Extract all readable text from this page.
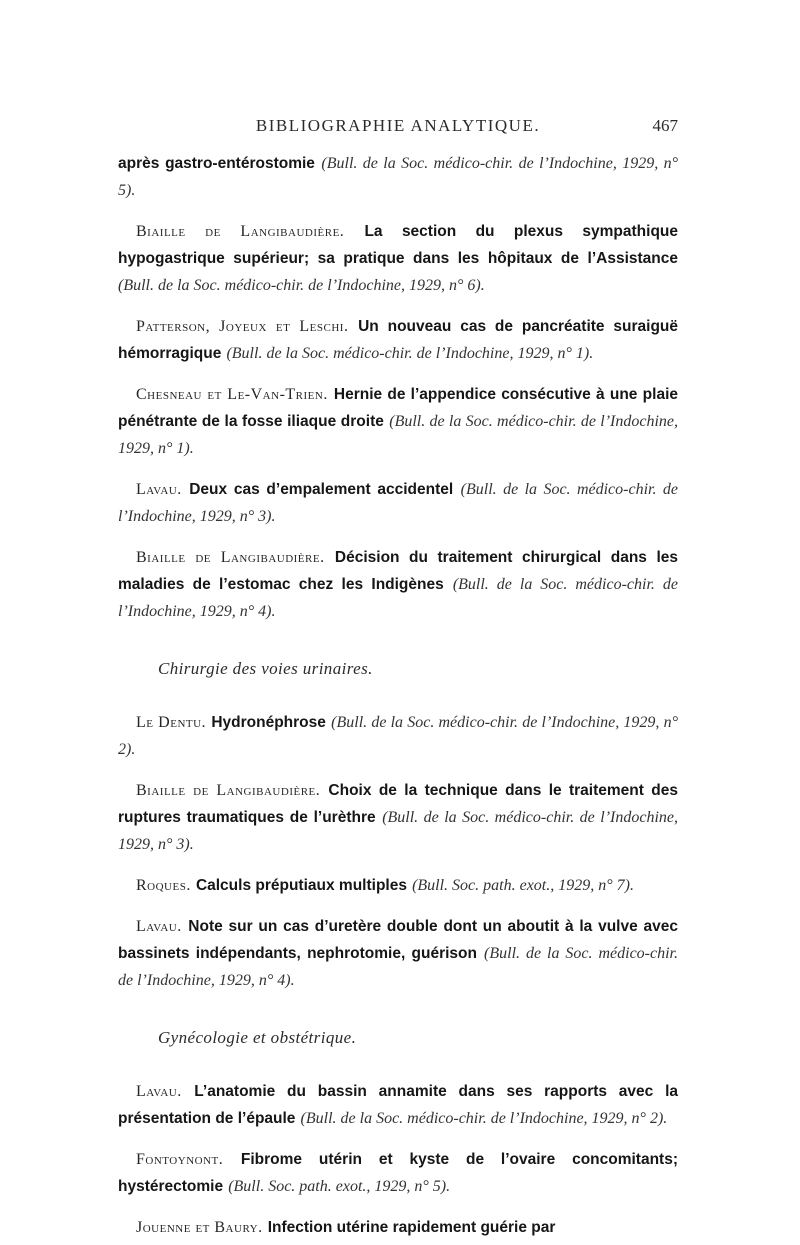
BIBLIOGRAPHIE ANALYTIQUE.	467

après gastro-entérostomie (Bull. de la Soc. médico-chir. de l’Indochine, 1929, n° 5).

Biaille de Langibaudière. La section du plexus sympathique hypogastrique supérieur; sa pratique dans les hôpitaux de l’Assistance (Bull. de la Soc. médico-chir. de l’Indochine, 1929, n° 6).

Patterson, Joyeux et Leschi. Un nouveau cas de pancréatite suraiguë hémorragique (Bull. de la Soc. médico-chir. de l’Indochine, 1929, n° 1).

Chesneau et Le-Van-Trien. Hernie de l’appendice consécutive à une plaie pénétrante de la fosse iliaque droite (Bull. de la Soc. médico-chir. de l’Indochine, 1929, n° 1).

Lavau. Deux cas d’empalement accidentel (Bull. de la Soc. médico-chir. de l’Indochine, 1929, n° 3).

Biaille de Langibaudière. Décision du traitement chirurgical dans les maladies de l’estomac chez les Indigènes (Bull. de la Soc. médico-chir. de l’Indochine, 1929, n° 4).

Chirurgie des voies urinaires.

Le Dentu. Hydronéphrose (Bull. de la Soc. médico-chir. de l’Indochine, 1929, n° 2).

Biaille de Langibaudière. Choix de la technique dans le traitement des ruptures traumatiques de l’urèthre (Bull. de la Soc. médico-chir. de l’Indochine, 1929, n° 3).

Roques. Calculs préputiaux multiples (Bull. Soc. path. exot., 1929, n° 7).

Lavau. Note sur un cas d’uretère double dont un aboutit à la vulve avec bassinets indépendants, nephrotomie, guérison (Bull. de la Soc. médico-chir. de l’Indochine, 1929, n° 4).

Gynécologie et obstétrique.

Lavau. L’anatomie du bassin annamite dans ses rapports avec la présentation de l’épaule (Bull. de la Soc. médico-chir. de l’Indochine, 1929, n° 2).

Fontoynont. Fibrome utérin et kyste de l’ovaire concomitants; hystérectomie (Bull. Soc. path. exot., 1929, n° 5).

Jouenne et Baury. Infection utérine rapidement guérie par
